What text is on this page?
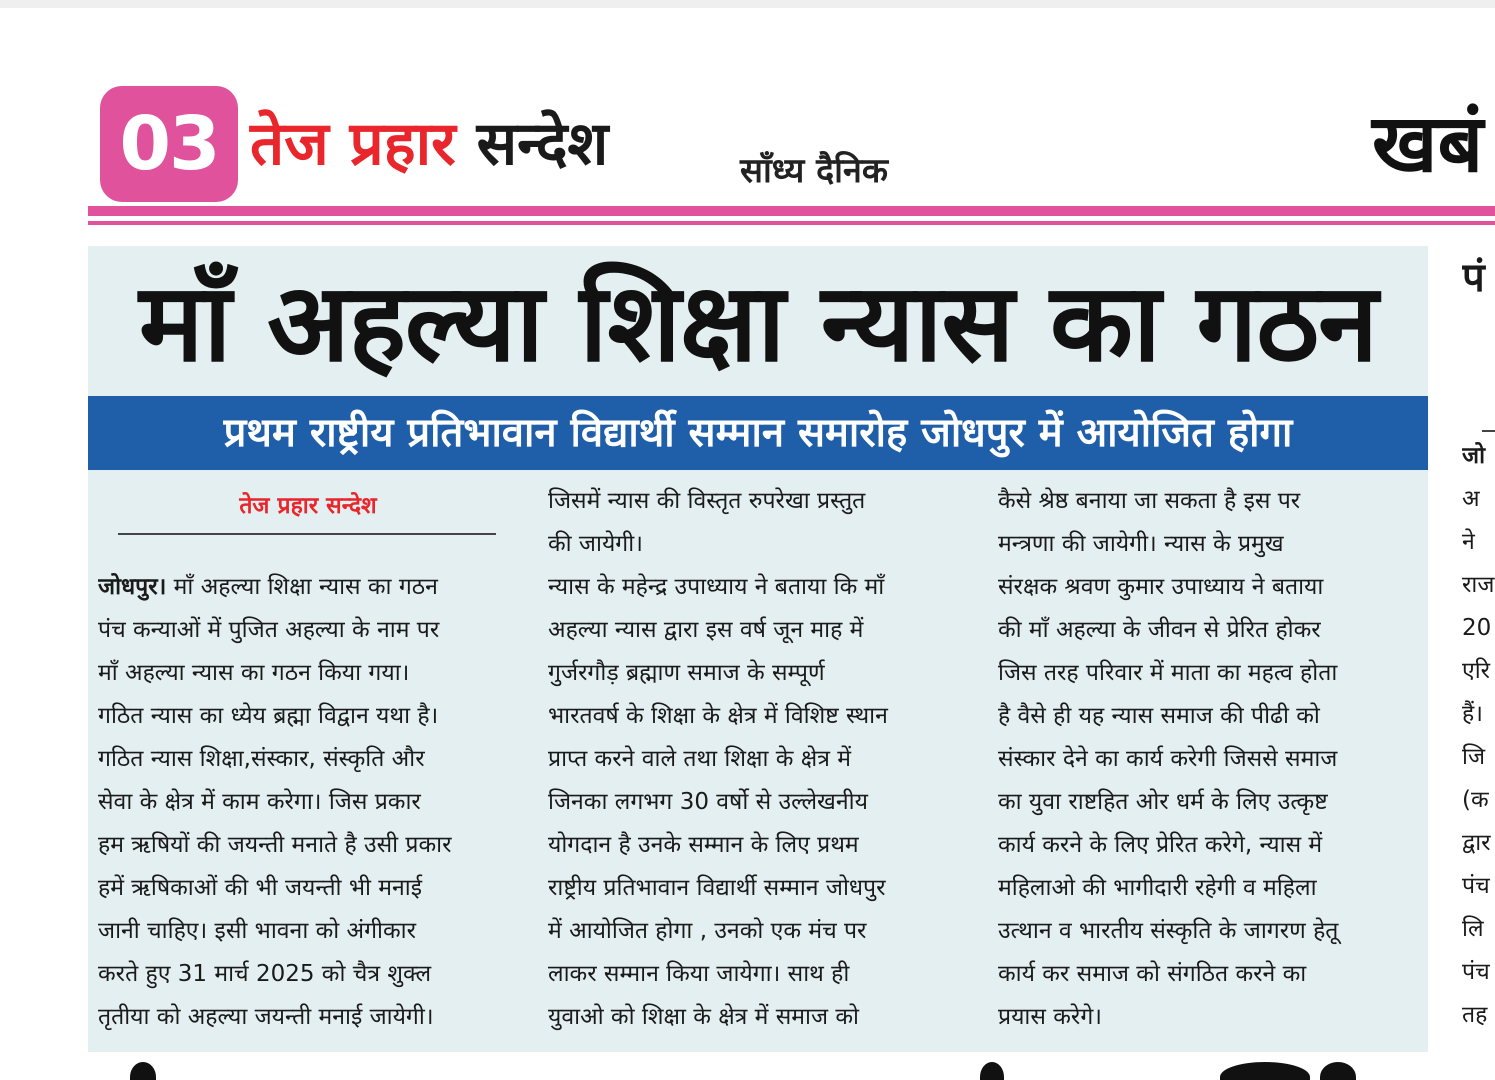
03 तेज प्रहार सन्देश	साँध्य दैनिक	खबं
माँ अहल्या शिक्षा न्यास का गठन
प्रथम राष्ट्रीय प्रतिभावान विद्यार्थी सम्मान समारोह जोधपुर में आयोजित होगा
तेज प्रहार सन्देश
जोधपुर। माँ अहल्या शिक्षा न्यास का गठन
पंच कन्याओं में पुजित अहल्या के नाम पर
माँ अहल्या न्यास का गठन किया गया।
गठित न्यास का ध्येय ब्रह्मा विद्वान यथा है।
गठित न्यास शिक्षा,संस्कार, संस्कृति और
सेवा के क्षेत्र में काम करेगा। जिस प्रकार
हम ऋषियों की जयन्ती मनाते है उसी प्रकार
हमें ऋषिकाओं की भी जयन्ती भी मनाई
जानी चाहिए। इसी भावना को अंगीकार
करते हुए 31 मार्च 2025 को चैत्र शुक्ल
तृतीया को अहल्या जयन्ती मनाई जायेगी।
जिसमें न्यास की विस्तृत रुपरेखा प्रस्तुत
की जायेगी।
न्यास के महेन्द्र उपाध्याय ने बताया कि माँ
अहल्या न्यास द्वारा इस वर्ष जून माह में
गुर्जरगौड़ ब्रह्माण समाज के सम्पूर्ण
भारतवर्ष के शिक्षा के क्षेत्र में विशिष्ट स्थान
प्राप्त करने वाले तथा शिक्षा के क्षेत्र में
जिनका लगभग 30 वर्षो से उल्लेखनीय
योगदान है उनके सम्मान के लिए प्रथम
राष्ट्रीय प्रतिभावान विद्यार्थी सम्मान जोधपुर
में आयोजित होगा , उनको एक मंच पर
लाकर सम्मान किया जायेगा। साथ ही
युवाओ को शिक्षा के क्षेत्र में समाज को
कैसे श्रेष्ठ बनाया जा सकता है इस पर
मन्त्रणा की जायेगी। न्यास के प्रमुख
संरक्षक श्रवण कुमार उपाध्याय ने बताया
की माँ अहल्या के जीवन से प्रेरित होकर
जिस तरह परिवार में माता का महत्व होता
है वैसे ही यह न्यास समाज की पीढी को
संस्कार देने का कार्य करेगी जिससे समाज
का युवा राष्टहित ओर धर्म के लिए उत्कृष्ट
कार्य करने के लिए प्रेरित करेगे, न्यास में
महिलाओ की भागीदारी रहेगी व महिला
उत्थान व भारतीय संस्कृति के जागरण हेतू
कार्य कर समाज को संगठित करने का
प्रयास करेगे।
पं
जो
अ
ने
राज
20
एरि
हैं।
जि
(क
द्वार
पंच
लि
पंच
तह
